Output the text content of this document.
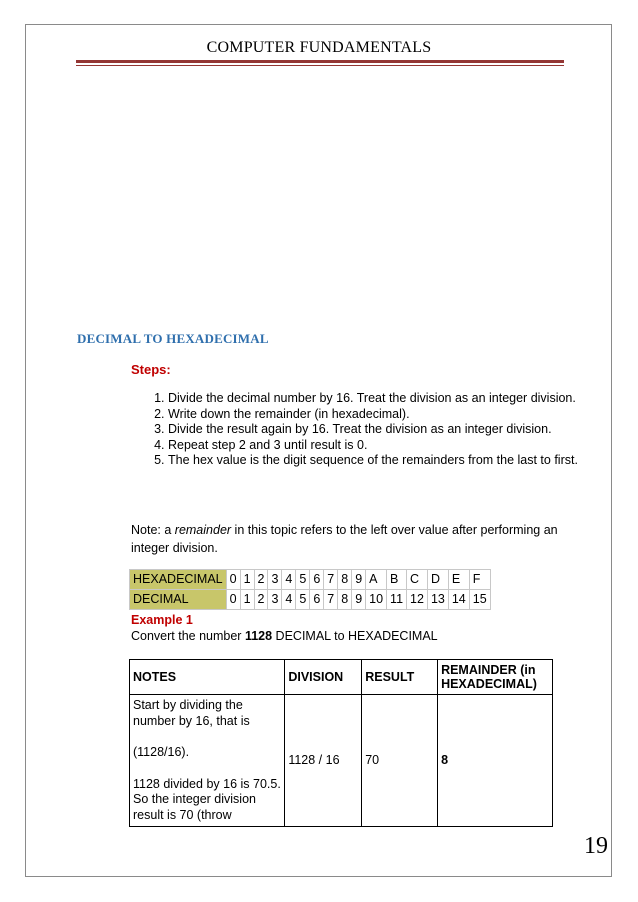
COMPUTER FUNDAMENTALS
DECIMAL TO HEXADECIMAL
Steps:
1. Divide the decimal number by 16. Treat the division as an integer division.
2. Write down the remainder (in hexadecimal).
3. Divide the result again by 16. Treat the division as an integer division.
4. Repeat step 2 and 3 until result is 0.
5. The hex value is the digit sequence of the remainders from the last to first.
Note: a remainder in this topic refers to the left over value after performing an integer division.
HEXADECIMAL	0	1	2	3	4	5	6	7	8	9	A	B	C	D	E	F
DECIMAL	0	1	2	3	4	5	6	7	8	9	10	11	12	13	14	15
Example 1
Convert the number 1128 DECIMAL to HEXADECIMAL
NOTES	DIVISION	RESULT	REMAINDER (in HEXADECIMAL)

Start by dividing the number by 16, that is

(1128/16).

1128 divided by 16 is 70.5. So the integer division result is 70 (throw	1128 / 16	70	8
19
